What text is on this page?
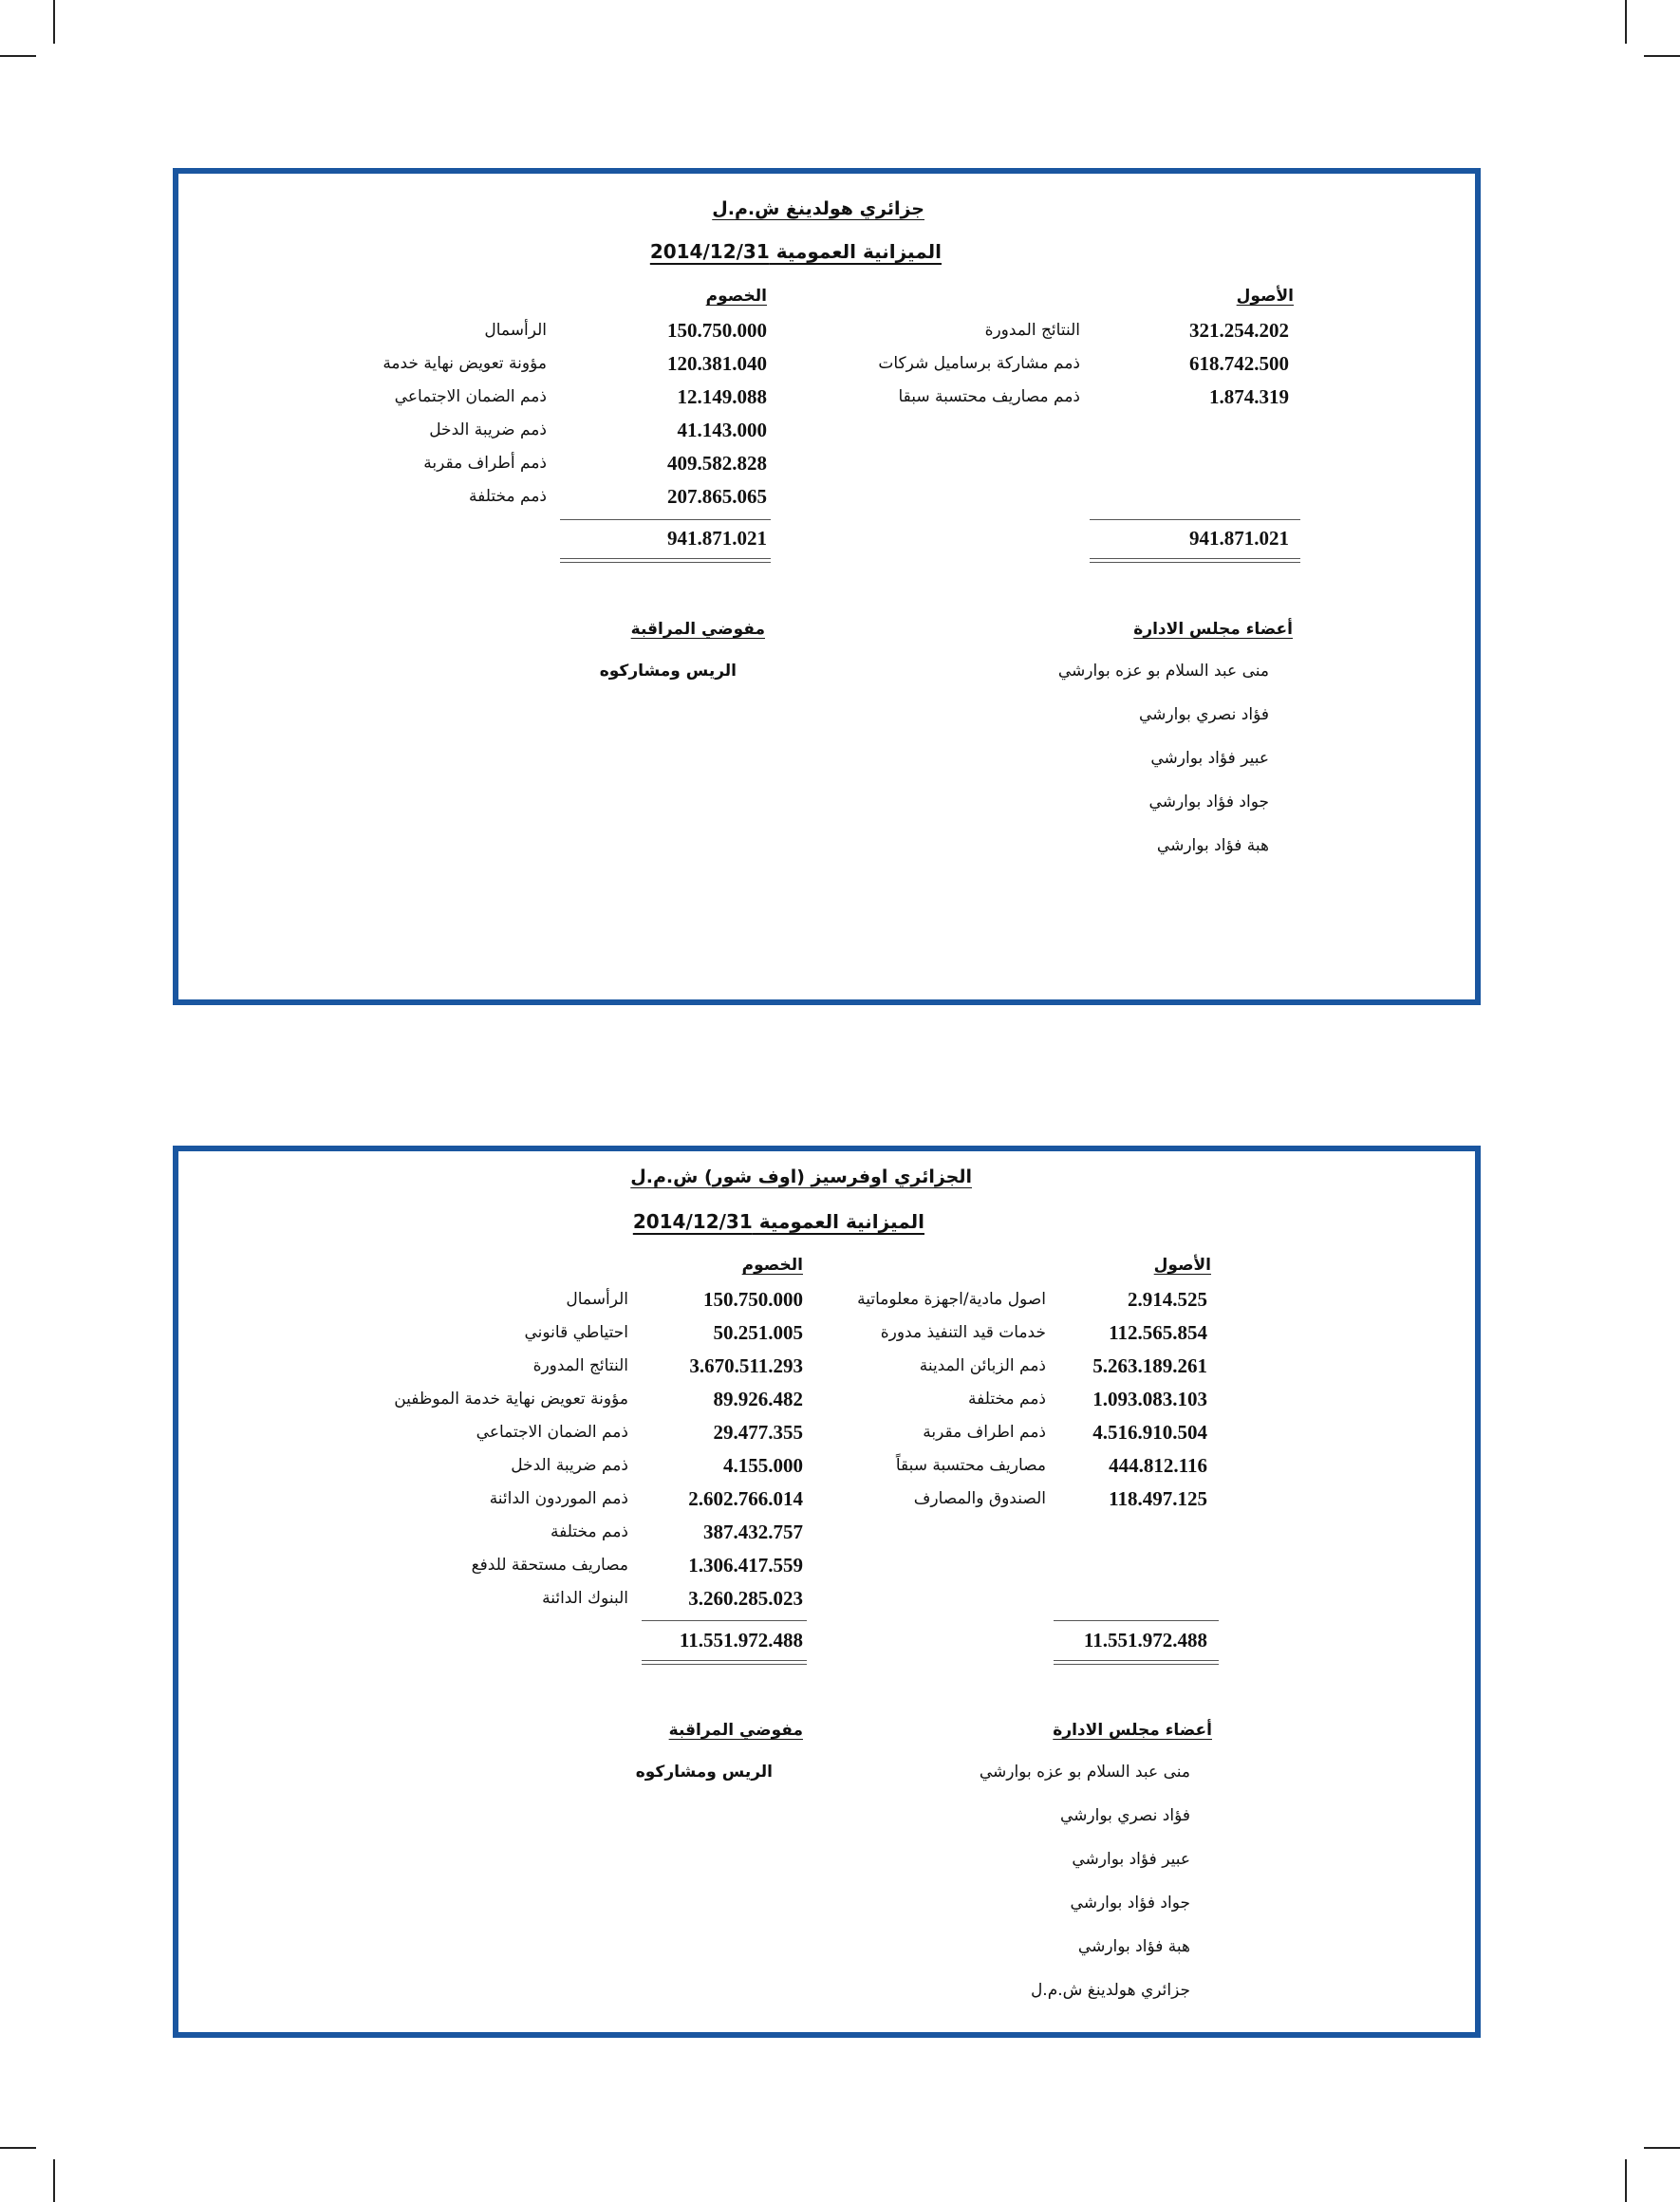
جزائري هولدينغ ش.م.ل
الميزانية العمومية 2014/12/31
الأصول
الخصوم
321.254.202
النتائج المدورة
618.742.500
ذمم مشاركة برساميل شركات
1.874.319
ذمم مصاريف محتسبة سبقا
150.750.000
الرأسمال
120.381.040
مؤونة تعويض نهاية خدمة
12.149.088
ذمم الضمان الاجتماعي
41.143.000
ذمم ضريبة الدخل
409.582.828
ذمم أطراف مقربة
207.865.065
ذمم مختلفة
941.871.021
941.871.021
أعضاء مجلس الادارة
مفوضي المراقبة
الريس ومشاركوه	منى عبد السلام بو عزه بوارشي
فؤاد نصري بوارشي
عبير فؤاد بوارشي
جواد فؤاد بوارشي
هبة فؤاد بوارشي
الجزائري اوفرسيز (اوف شور) ش.م.ل
الميزانية العمومية 2014/12/31
الأصول
الخصوم
2.914.525
اصول مادية/اجهزة معلوماتية
112.565.854
خدمات قيد التنفيذ مدورة
5.263.189.261
ذمم الزبائن المدينة
1.093.083.103
ذمم مختلفة
4.516.910.504
ذمم اطراف مقربة
444.812.116
مصاريف محتسبة سبقاً
118.497.125
الصندوق والمصارف
150.750.000
الرأسمال
50.251.005
احتياطي قانوني
3.670.511.293
النتائج المدورة
89.926.482
مؤونة تعويض نهاية خدمة الموظفين
29.477.355
ذمم الضمان الاجتماعي
4.155.000
ذمم ضريبة الدخل
2.602.766.014
ذمم الموردون الدائنة
387.432.757
ذمم مختلفة
1.306.417.559
مصاريف مستحقة للدفع
3.260.285.023
البنوك الدائنة
11.551.972.488
11.551.972.488
أعضاء مجلس الادارة
مفوضي المراقبة
الريس ومشاركوه	منى عبد السلام بو عزه بوارشي
فؤاد نصري بوارشي
عبير فؤاد بوارشي
جواد فؤاد بوارشي
هبة فؤاد بوارشي
جزائري هولدينغ ش.م.ل
